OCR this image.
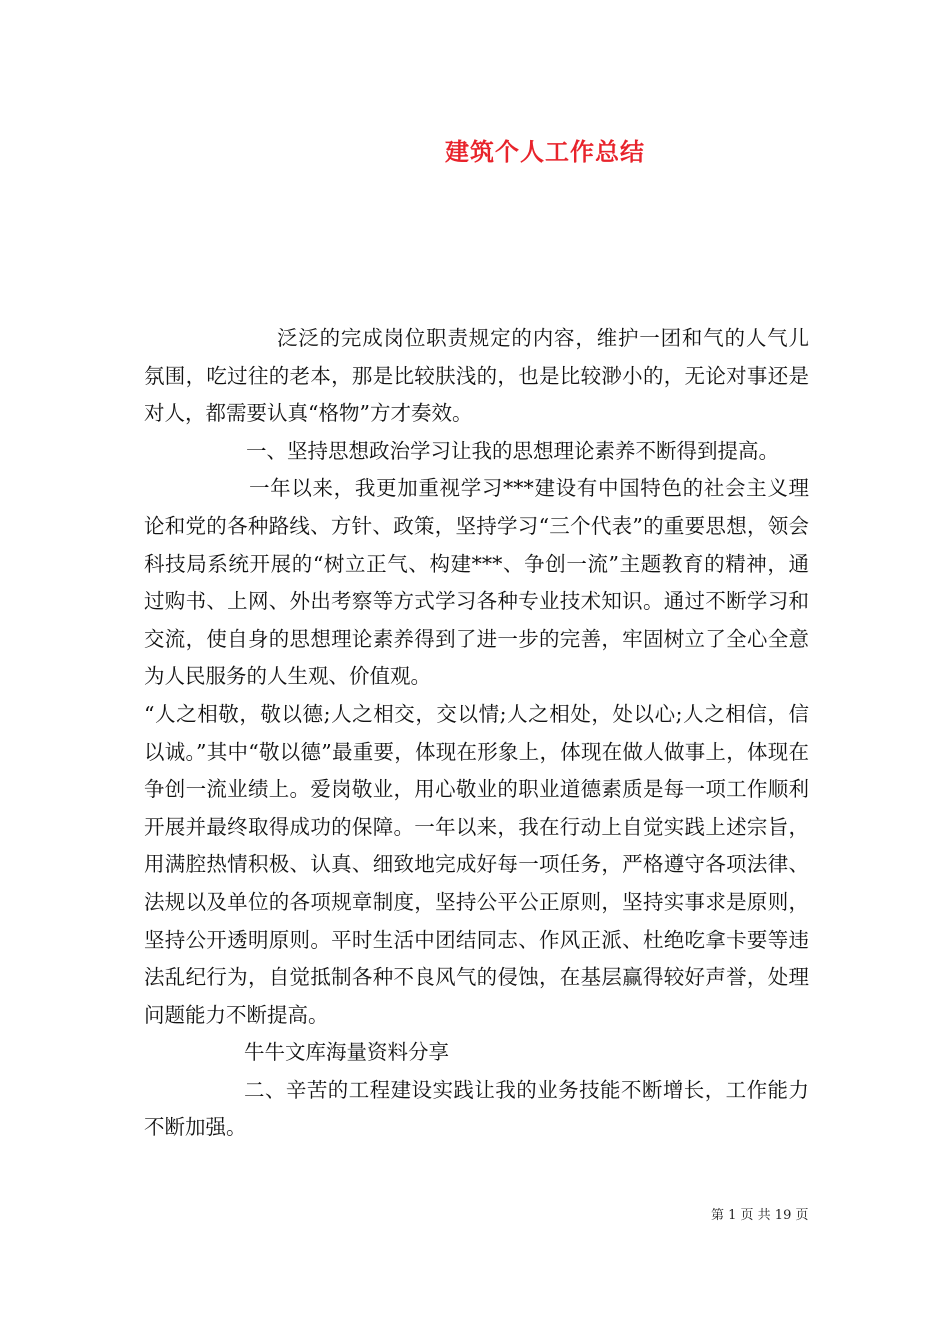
建筑个人工作总结

泛泛的完成岗位职责规定的内容，维护一团和气的人气儿氛围，吃过往的老本，那是比较肤浅的，也是比较渺小的，无论对事还是对人，都需要认真“格物”方才奏效。

一、坚持思想政治学习让我的思想理论素养不断得到提高。

一年以来，我更加重视学习***建设有中国特色的社会主义理论和党的各种路线、方针、政策，坚持学习“三个代表”的重要思想，领会科技局系统开展的“树立正气、构建***、争创一流”主题教育的精神，通过购书、上网、外出考察等方式学习各种专业技术知识。通过不断学习和交流，使自身的思想理论素养得到了进一步的完善，牢固树立了全心全意为人民服务的人生观、价值观。

“人之相敬，敬以德;人之相交，交以情;人之相处，处以心;人之相信，信以诚。”其中“敬以德”最重要，体现在形象上，体现在做人做事上，体现在争创一流业绩上。爱岗敬业，用心敬业的职业道德素质是每一项工作顺利开展并最终取得成功的保障。一年以来，我在行动上自觉实践上述宗旨，用满腔热情积极、认真、细致地完成好每一项任务，严格遵守各项法律、法规以及单位的各项规章制度，坚持公平公正原则，坚持实事求是原则，坚持公开透明原则。平时生活中团结同志、作风正派、杜绝吃拿卡要等违法乱纪行为，自觉抵制各种不良风气的侵蚀，在基层赢得较好声誉，处理问题能力不断提高。

牛牛文库海量资料分享

二、辛苦的工程建设实践让我的业务技能不断增长，工作能力不断加强。

第 1 页 共 19 页
